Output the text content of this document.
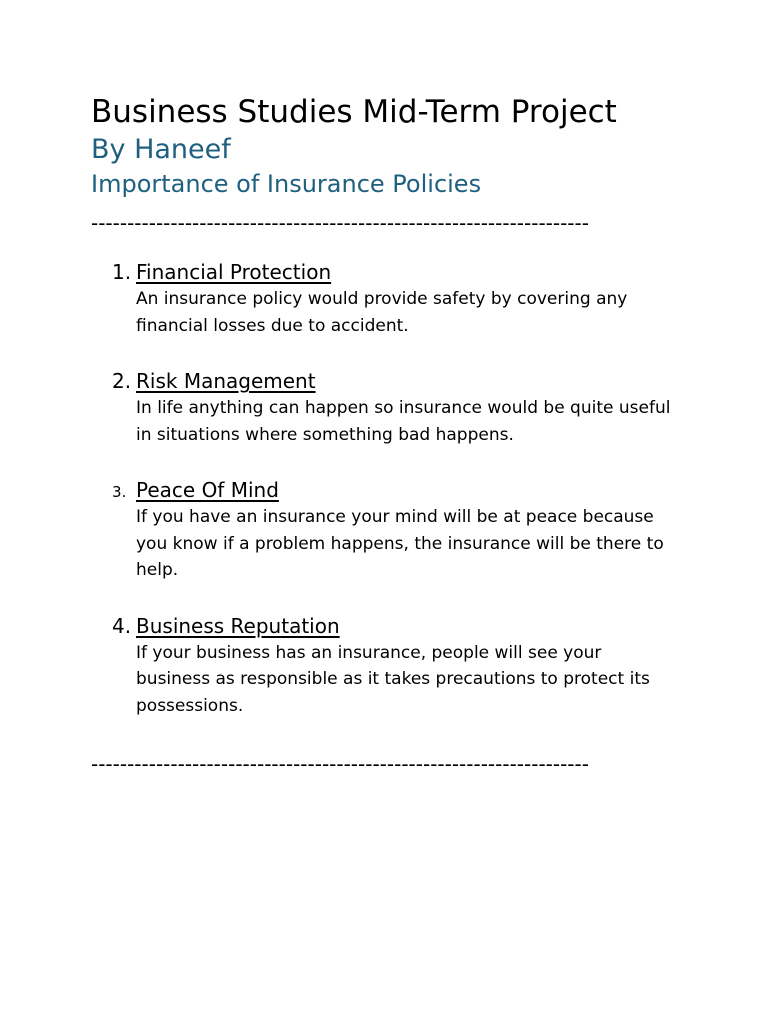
Business Studies Mid-Term Project
By Haneef
Importance of Insurance Policies
---------------------------------------------------------------------
1. Financial Protection

An insurance policy would provide safety by covering any financial losses due to accident.

2. Risk Management

In life anything can happen so insurance would be quite useful in situations where something bad happens.

3. Peace Of Mind

If you have an insurance your mind will be at peace because you know if a problem happens, the insurance will be there to help.

4. Business Reputation

If your business has an insurance, people will see your business as responsible as it takes precautions to protect its possessions.

---------------------------------------------------------------------
